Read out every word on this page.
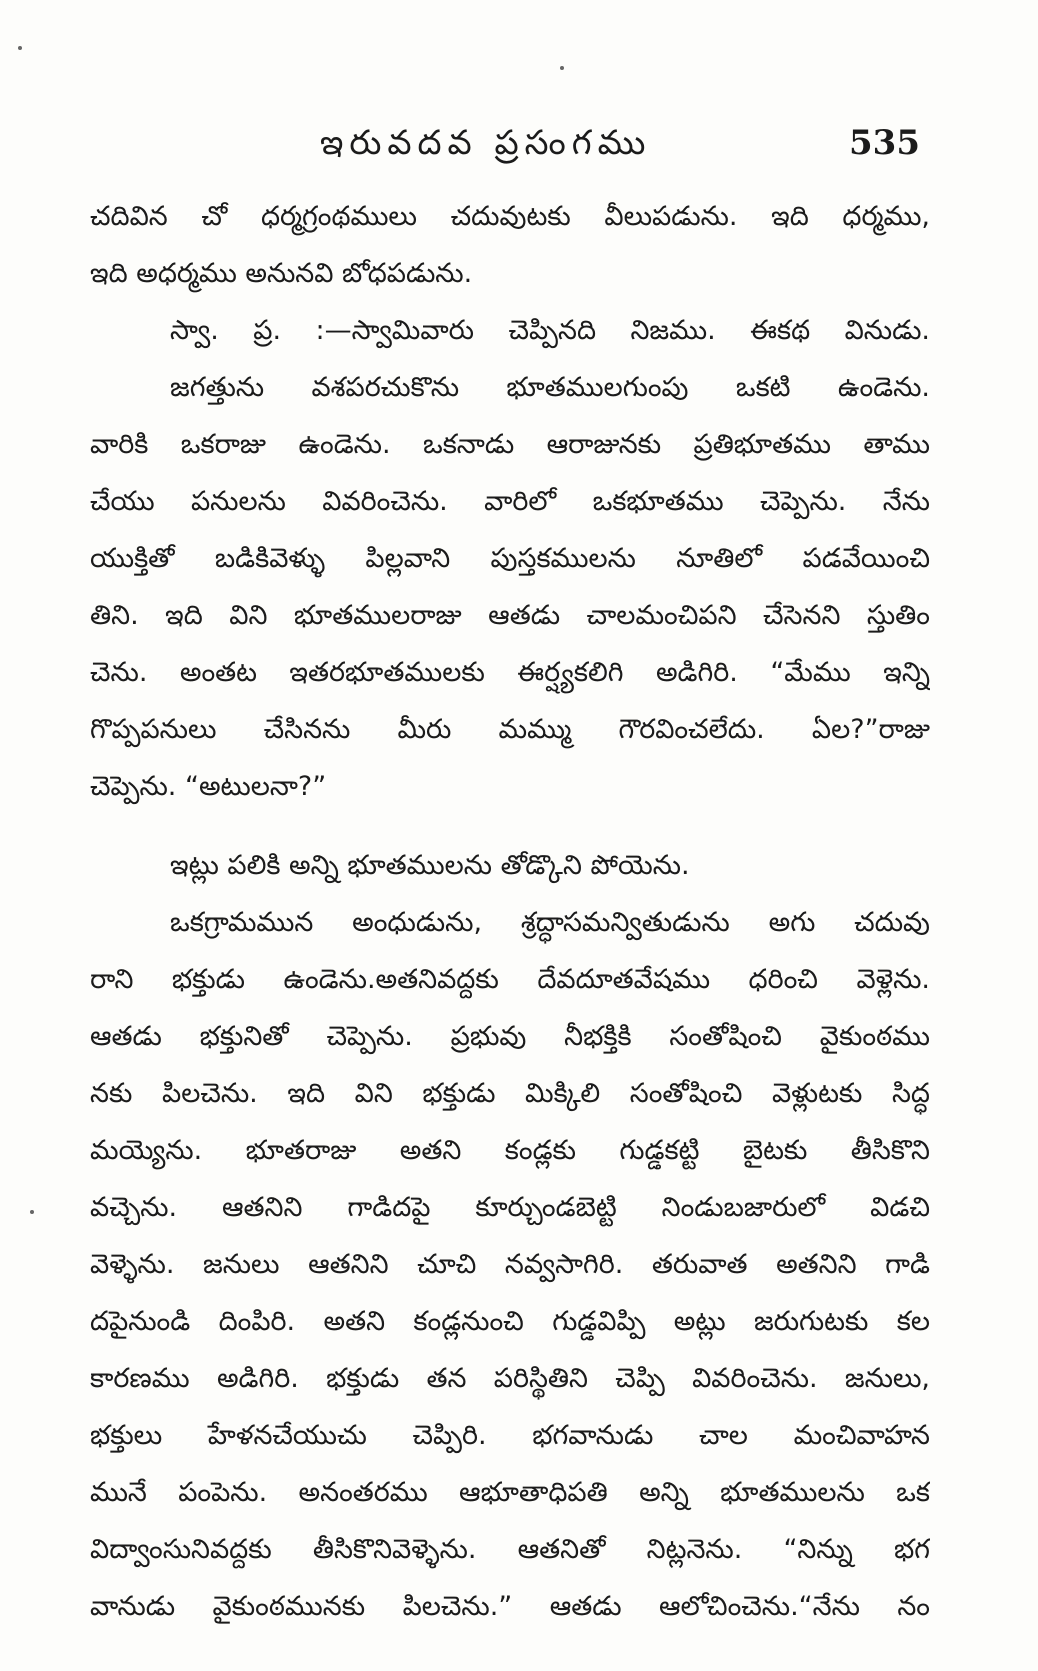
ఇరువదవ ప్రసంగము	535
చదివిన చో ధర్మగ్రంథములు చదువుటకు వీలుపడును. ఇది ధర్మము,
ఇది అధర్మము అనునవి బోధపడును.
స్వా. ప్ర. :—స్వామివారు చెప్పినది నిజము. ఈకథ వినుడు.
జగత్తును వశపరచుకొను భూతములగుంపు ఒకటి ఉండెను.
వారికి ఒకరాజు ఉండెను. ఒకనాడు ఆరాజునకు ప్రతిభూతము తాము
చేయు పనులను వివరించెను. వారిలో ఒకభూతము చెప్పెను. నేను
యుక్తితో బడికివెళ్ళు పిల్లవాని పుస్తకములను నూతిలో పడవేయించి
తిని. ఇది విని భూతములరాజు ఆతడు చాలమంచిపని చేసెనని స్తుతిం
చెను. అంతట ఇతరభూతములకు ఈర్ష్యకలిగి అడిగిరి. “మేము ఇన్ని
గొప్పపనులు చేసినను మీరు మమ్ము గౌరవించలేదు. ఏల?”రాజు
చెప్పెను. “అటులనా?”
ఇట్లు పలికి అన్ని భూతములను తోడ్కొని పోయెను.
ఒకగ్రామమున అంధుడును, శ్రద్ధాసమన్వితుడును అగు చదువు
రాని భక్తుడు ఉండెను.అతనివద్దకు దేవదూతవేషము ధరించి వెళ్లెను.
ఆతడు భక్తునితో చెప్పెను. ప్రభువు నీభక్తికి సంతోషించి వైకుంఠము
నకు పిలచెను. ఇది విని భక్తుడు మిక్కిలి సంతోషించి వెళ్లుటకు సిద్ధ
మయ్యెను. భూతరాజు అతని కండ్లకు గుడ్డకట్టి బైటకు తీసికొని
వచ్చెను. ఆతనిని గాడిదపై కూర్చుండబెట్టి నిండుబజారులో విడచి
వెళ్ళెను. జనులు ఆతనిని చూచి నవ్వసాగిరి. తరువాత అతనిని గాడి
దపైనుండి దింపిరి. అతని కండ్లనుంచి గుడ్డవిప్పి అట్లు జరుగుటకు కల
కారణము అడిగిరి. భక్తుడు తన పరిస్థితిని చెప్పి వివరించెను. జనులు,
భక్తులు హేళనచేయుచు చెప్పిరి. భగవానుడు చాల మంచివాహన
మునే పంపెను. అనంతరము ఆభూతాధిపతి అన్ని భూతములను ఒక
విద్వాంసునివద్దకు తీసికొనివెళ్ళెను. ఆతనితో నిట్లనెను. “నిన్ను భగ
వానుడు వైకుంఠమునకు పిలచెను.” ఆతడు ఆలోచించెను.“నేను నం
